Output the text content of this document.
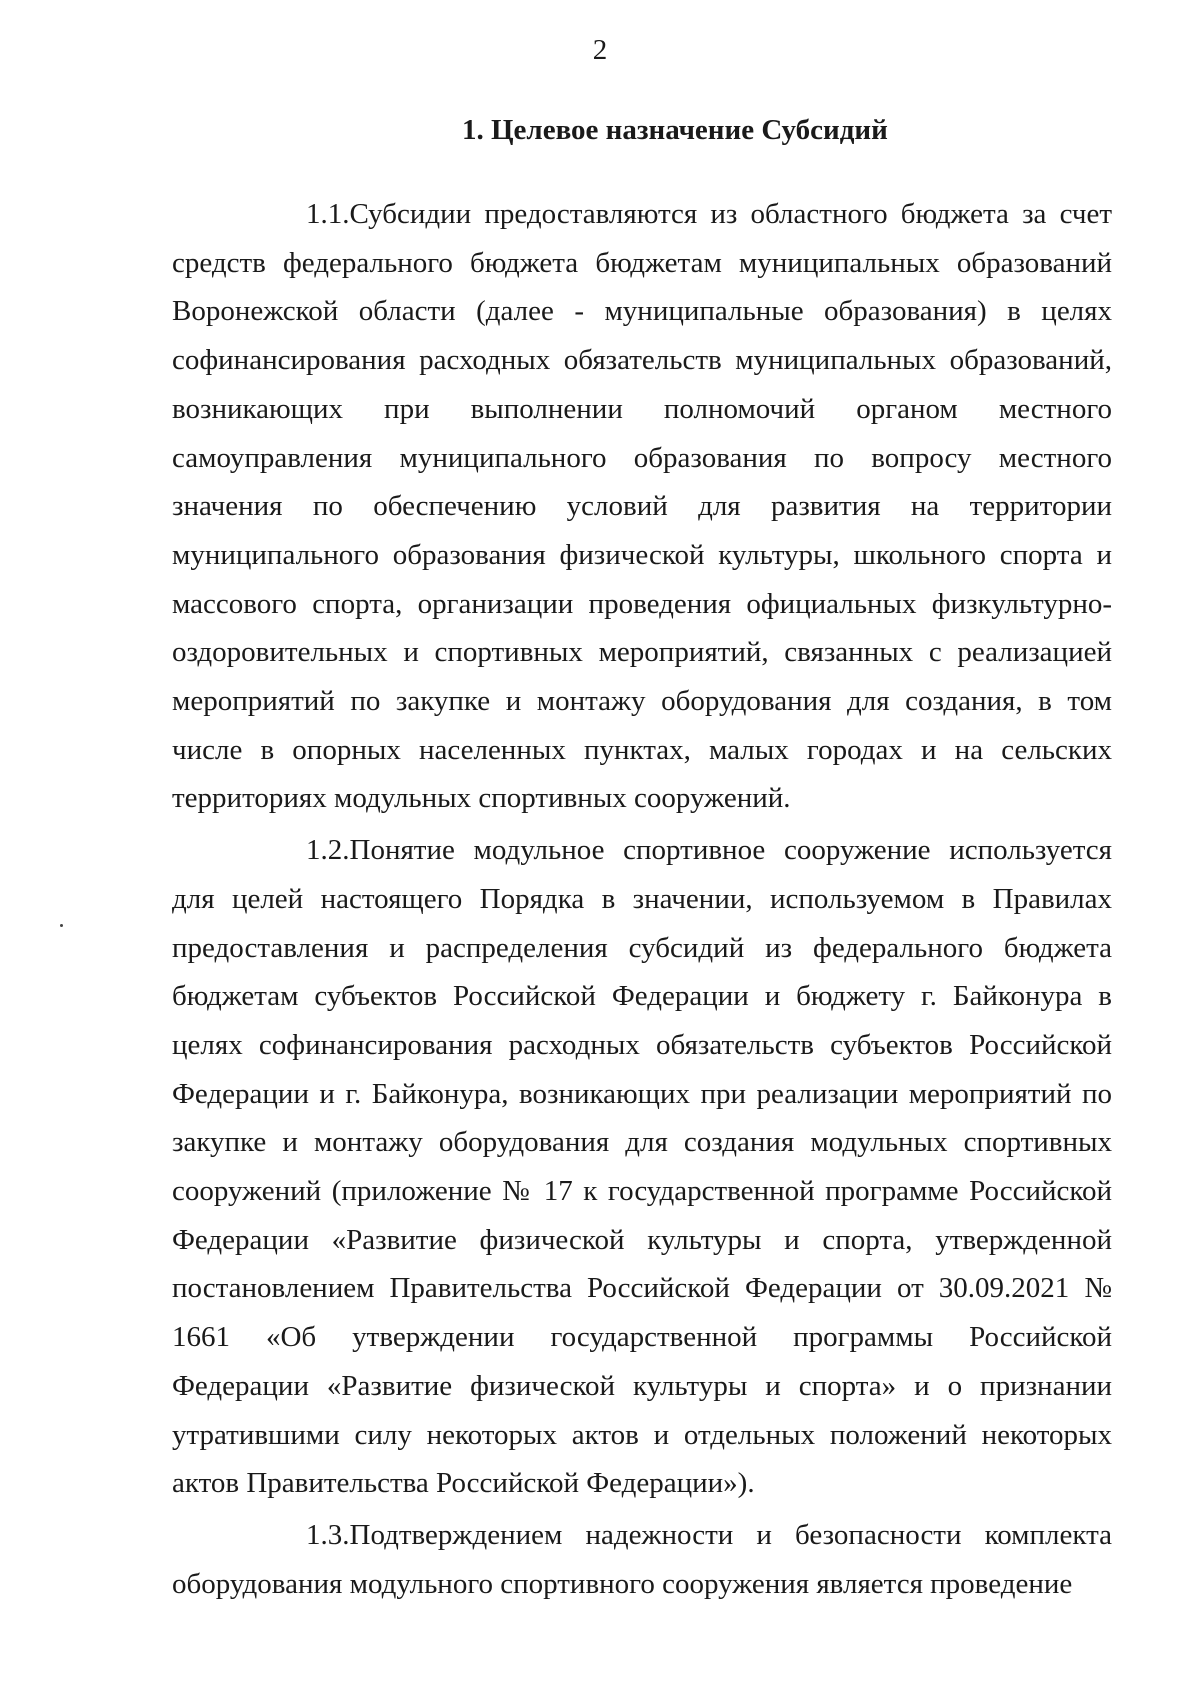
2
1. Целевое назначение Субсидий

1.1.Субсидии предоставляются из областного бюджета за счет средств федерального бюджета бюджетам муниципальных образований Воронежской области (далее - муниципальные образования) в целях софинансирования расходных обязательств муниципальных образований, возникающих при выполнении полномочий органом местного самоуправления муниципального образования по вопросу местного значения по обеспечению условий для развития на территории муниципального образования физической культуры, школьного спорта и массового спорта, организации проведения официальных физкультурно-оздоровительных и спортивных мероприятий, связанных с реализацией мероприятий по закупке и монтажу оборудования для создания, в том числе в опорных населенных пунктах, малых городах и на сельских территориях модульных спортивных сооружений.

1.2.Понятие модульное спортивное сооружение используется для целей настоящего Порядка в значении, используемом в Правилах предоставления и распределения субсидий из федерального бюджета бюджетам субъектов Российской Федерации и бюджету г. Байконура в целях софинансирования расходных обязательств субъектов Российской Федерации и г. Байконура, возникающих при реализации мероприятий по закупке и монтажу оборудования для создания модульных спортивных сооружений (приложение № 17 к государственной программе Российской Федерации «Развитие физической культуры и спорта, утвержденной постановлением Правительства Российской Федерации от 30.09.2021 № 1661 «Об утверждении государственной программы Российской Федерации «Развитие физической культуры и спорта» и о признании утратившими силу некоторых актов и отдельных положений некоторых актов Правительства Российской Федерации»).

1.3.Подтверждением надежности и безопасности комплекта оборудования модульного спортивного сооружения является проведение
